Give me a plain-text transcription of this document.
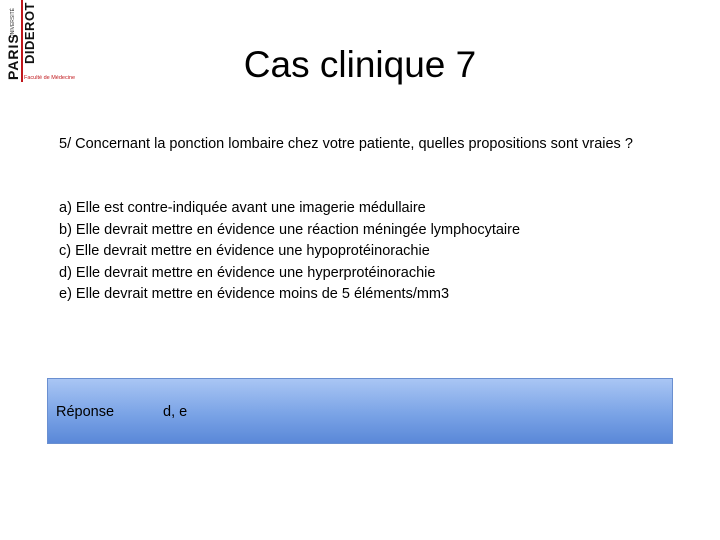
UNIVERSITÉ
PARIS DIDEROT
Faculté de Médecine	Cas clinique 7

5/ Concernant la ponction lombaire chez votre patiente, quelles propositions sont vraies ?

a) Elle est contre-indiquée avant une imagerie médullaire
b) Elle devrait mettre en évidence une réaction méningée lymphocytaire
c) Elle devrait mettre en évidence une hypoprotéinorachie
d) Elle devrait mettre en évidence une hyperprotéinorachie
e) Elle devrait mettre en évidence moins de 5 éléments/mm3
Réponse	d, e
